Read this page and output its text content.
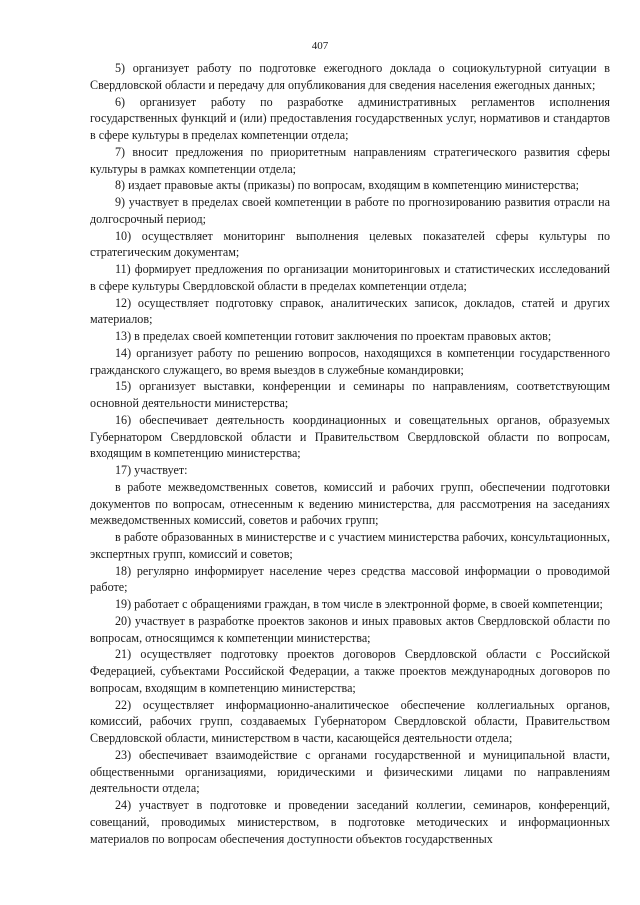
407

5) организует работу по подготовке ежегодного доклада о социокультурной ситуации в Свердловской области и передачу для опубликования для сведения населения ежегодных данных;

6) организует работу по разработке административных регламентов исполнения государственных функций и (или) предоставления государственных услуг, нормативов и стандартов в сфере культуры в пределах компетенции отдела;

7) вносит предложения по приоритетным направлениям стратегического развития сферы культуры в рамках компетенции отдела;

8) издает правовые акты (приказы) по вопросам, входящим в компетенцию министерства;

9) участвует в пределах своей компетенции в работе по прогнозированию развития отрасли на долгосрочный период;

10) осуществляет мониторинг выполнения целевых показателей сферы культуры по стратегическим документам;

11) формирует предложения по организации мониторинговых и статистических исследований в сфере культуры Свердловской области в пределах компетенции отдела;

12) осуществляет подготовку справок, аналитических записок, докладов, статей и других материалов;

13) в пределах своей компетенции готовит заключения по проектам правовых актов;

14) организует работу по решению вопросов, находящихся в компетенции государственного гражданского служащего, во время выездов в служебные командировки;

15) организует выставки, конференции и семинары по направлениям, соответствующим основной деятельности министерства;

16) обеспечивает деятельность координационных и совещательных органов, образуемых Губернатором Свердловской области и Правительством Свердловской области по вопросам, входящим в компетенцию министерства;

17) участвует:

в работе межведомственных советов, комиссий и рабочих групп, обеспечении подготовки документов по вопросам, отнесенным к ведению министерства, для рассмотрения на заседаниях межведомственных комиссий, советов и рабочих групп;

в работе образованных в министерстве и с участием министерства рабочих, консультационных, экспертных групп, комиссий и советов;

18) регулярно информирует население через средства массовой информации о проводимой работе;

19) работает с обращениями граждан, в том числе в электронной форме, в своей компетенции;

20) участвует в разработке проектов законов и иных правовых актов Свердловской области по вопросам, относящимся к компетенции министерства;

21) осуществляет подготовку проектов договоров Свердловской области с Российской Федерацией, субъектами Российской Федерации, а также проектов международных договоров по вопросам, входящим в компетенцию министерства;

22) осуществляет информационно-аналитическое обеспечение коллегиальных органов, комиссий, рабочих групп, создаваемых Губернатором Свердловской области, Правительством Свердловской области, министерством в части, касающейся деятельности отдела;

23) обеспечивает взаимодействие с органами государственной и муниципальной власти, общественными организациями, юридическими и физическими лицами по направлениям деятельности отдела;

24) участвует в подготовке и проведении заседаний коллегии, семинаров, конференций, совещаний, проводимых министерством, в подготовке методических и информационных материалов по вопросам обеспечения доступности объектов государственных
